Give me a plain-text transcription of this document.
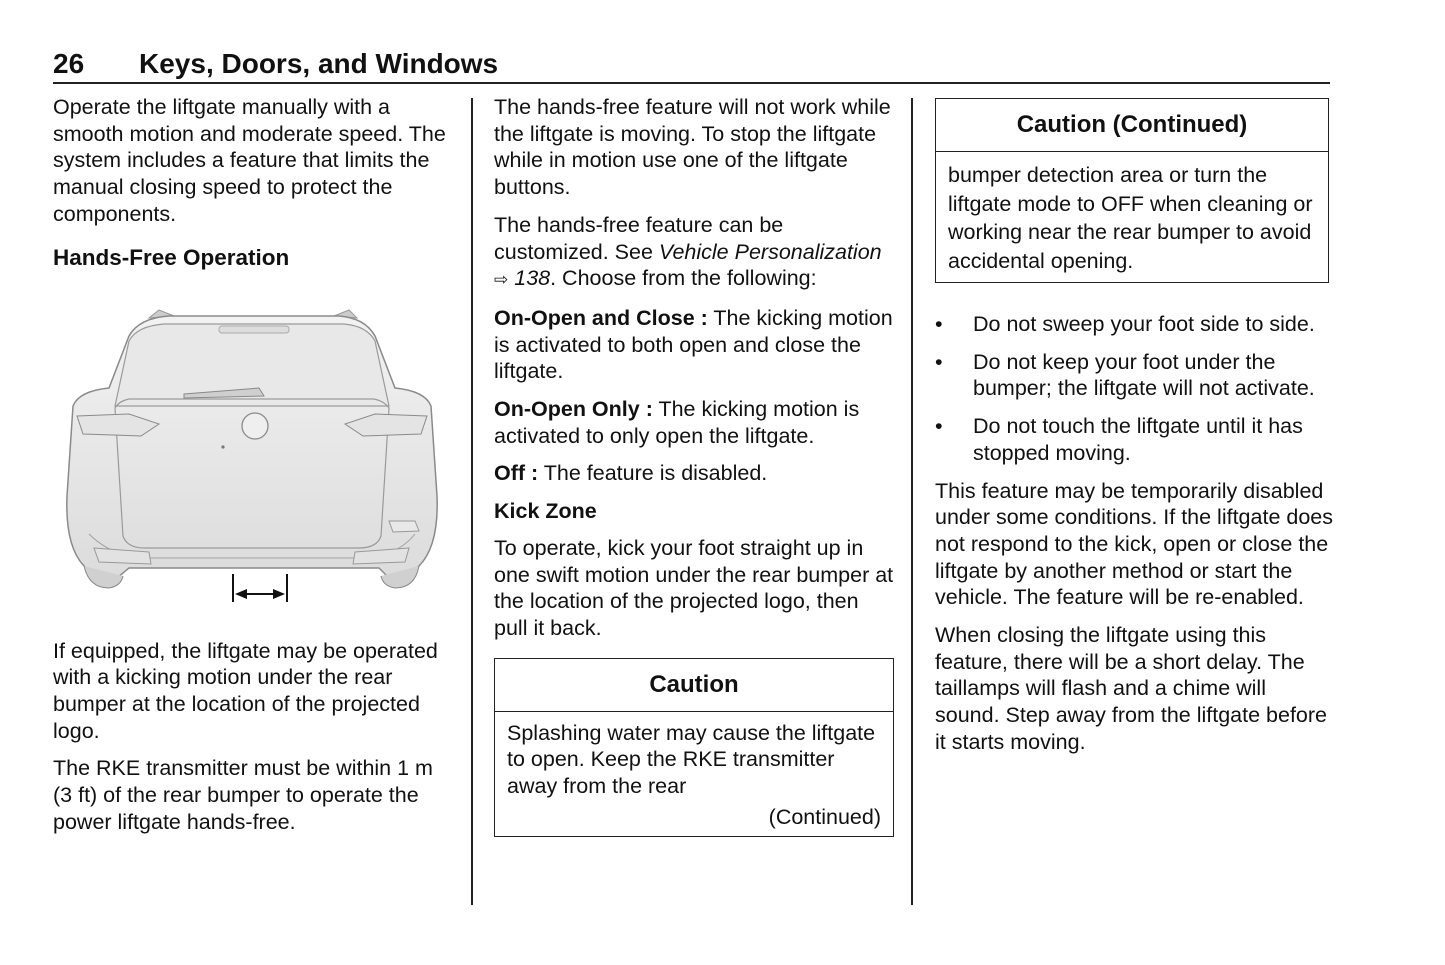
26 Keys, Doors, and Windows

Operate the liftgate manually with a smooth motion and moderate speed. The system includes a feature that limits the manual closing speed to protect the components.

Hands-Free Operation

If equipped, the liftgate may be operated with a kicking motion under the rear bumper at the location of the projected logo.

The RKE transmitter must be within 1 m (3 ft) of the rear bumper to operate the power liftgate hands-free.

The hands-free feature will not work while the liftgate is moving. To stop the liftgate while in motion use one of the liftgate buttons.

The hands-free feature can be customized. See Vehicle Personalization ⇨ 138. Choose from the following:

On-Open and Close : The kicking motion is activated to both open and close the liftgate.

On-Open Only : The kicking motion is activated to only open the liftgate.

Off : The feature is disabled.

Kick Zone

To operate, kick your foot straight up in one swift motion under the rear bumper at the location of the projected logo, then pull it back.

Caution
Splashing water may cause the liftgate to open. Keep the RKE transmitter away from the rear
(Continued)
Caution (Continued)
bumper detection area or turn the liftgate mode to OFF when cleaning or working near the rear bumper to avoid accidental opening.
• Do not sweep your foot side to side.
• Do not keep your foot under the bumper; the liftgate will not activate.
• Do not touch the liftgate until it has stopped moving.

This feature may be temporarily disabled under some conditions. If the liftgate does not respond to the kick, open or close the liftgate by another method or start the vehicle. The feature will be re-enabled.

When closing the liftgate using this feature, there will be a short delay. The taillamps will flash and a chime will sound. Step away from the liftgate before it starts moving.
